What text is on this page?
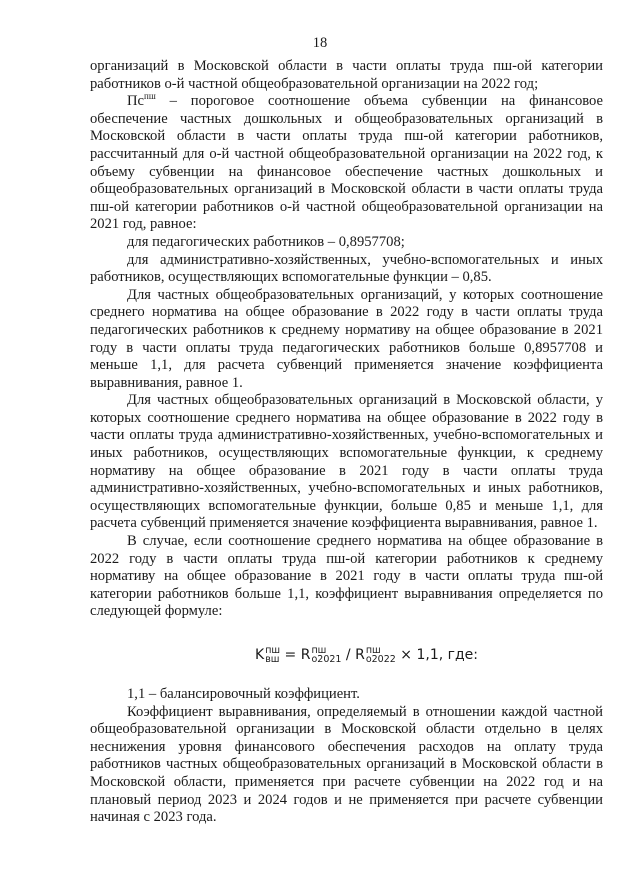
18

организаций в Московской области в части оплаты труда пш-ой категории работников о-й частной общеобразовательной организации на 2022 год;

$Пс^{пш}$ – пороговое соотношение объема субвенции на финансовое обеспечение частных дошкольных и общеобразовательных организаций в Московской области в части оплаты труда пш-ой категории работников, рассчитанный для о-й частной общеобразовательной организации на 2022 год, к объему субвенции на финансовое обеспечение частных дошкольных и общеобразовательных организаций в Московской области в части оплаты труда пш-ой категории работников о-й частной общеобразовательной организации на 2021 год, равное:

для педагогических работников – 0,8957708;

для административно-хозяйственных, учебно-вспомогательных и иных работников, осуществляющих вспомогательные функции – 0,85.

Для частных общеобразовательных организаций, у которых соотношение среднего норматива на общее образование в 2022 году в части оплаты труда педагогических работников к среднему нормативу на общее образование в 2021 году в части оплаты труда педагогических работников больше 0,8957708 и меньше 1,1, для расчета субвенций применяется значение коэффициента выравнивания, равное 1.

Для частных общеобразовательных организаций в Московской области, у которых соотношение среднего норматива на общее образование в 2022 году в части оплаты труда административно-хозяйственных, учебно-вспомогательных и иных работников, осуществляющих вспомогательные функции, к среднему нормативу на общее образование в 2021 году в части оплаты труда административно-хозяйственных, учебно-вспомогательных и иных работников, осуществляющих вспомогательные функции, больше 0,85 и меньше 1,1, для расчета субвенций применяется значение коэффициента выравнивания, равное 1.

В случае, если соотношение среднего норматива на общее образование в 2022 году в части оплаты труда пш-ой категории работников к среднему нормативу на общее образование в 2021 году в части оплаты труда пш-ой категории работников больше 1,1, коэффициент выравнивания определяется по следующей формуле:

K пш
вш = R пш
o2021 / R пш
o2022 × 1,1, где:

1,1 – балансировочный коэффициент.

Коэффициент выравнивания, определяемый в отношении каждой частной общеобразовательной организации в Московской области отдельно в целях неснижения уровня финансового обеспечения расходов на оплату труда работников частных общеобразовательных организаций в Московской области в Московской области, применяется при расчете субвенции на 2022 год и на плановый период 2023 и 2024 годов и не применяется при расчете субвенции начиная с 2023 года.
